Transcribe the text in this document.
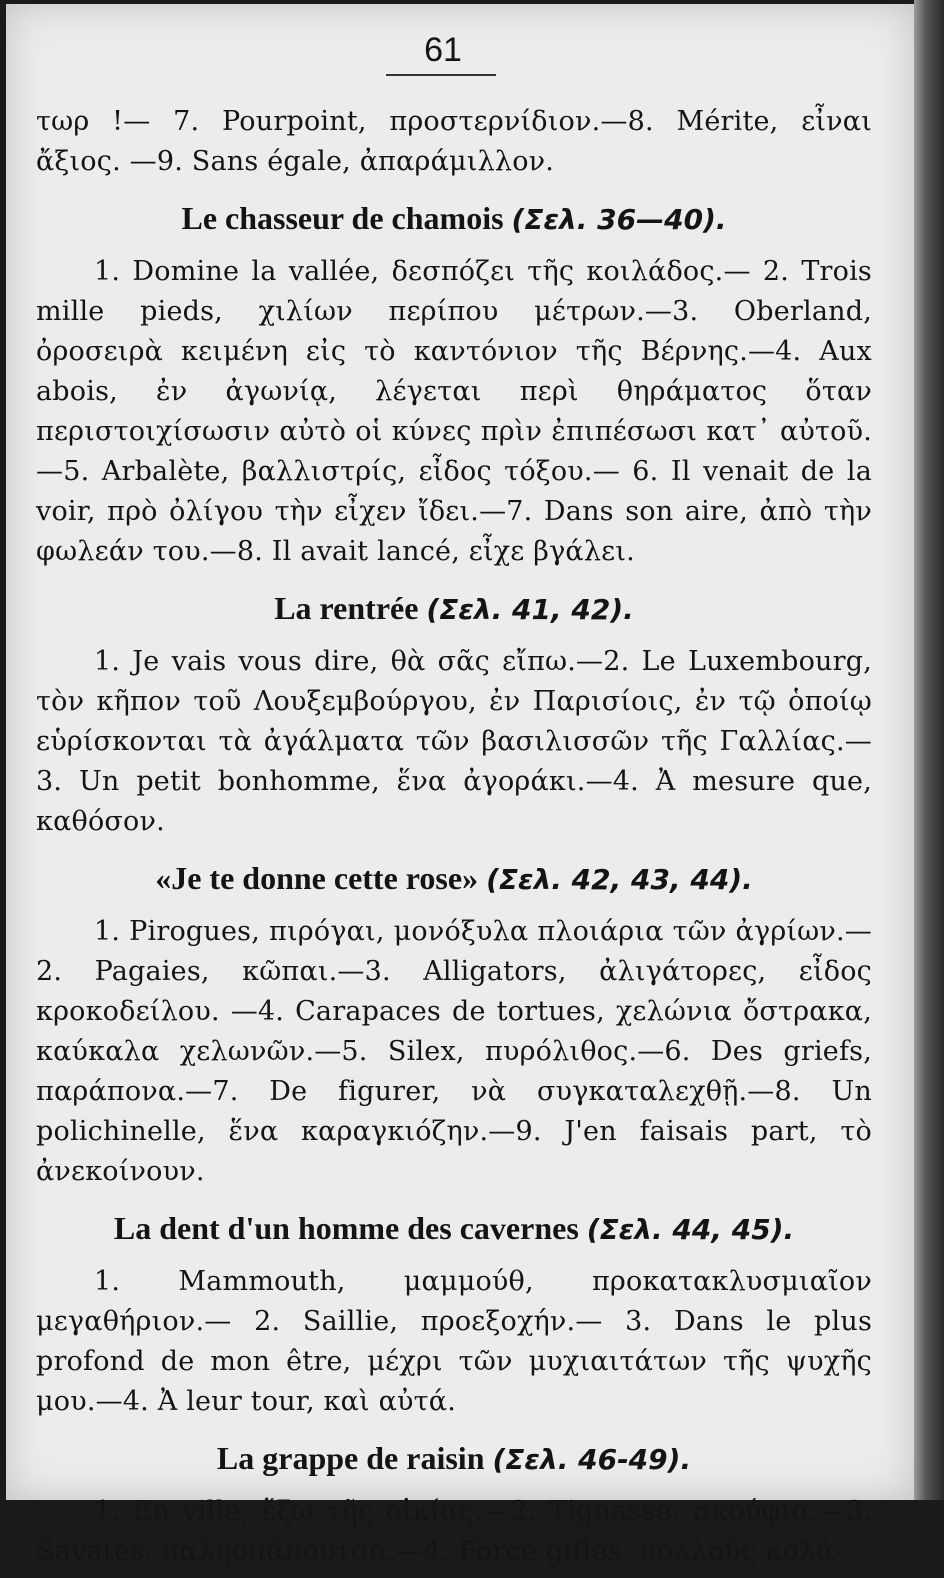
61

τωρ !— 7. Pourpoint, προστερνίδιον.—8. Mérite, εἶναι ἄξιος. —9. Sans égale, ἀπαράμιλλον.

Le chasseur de chamois (Σελ. 36—40).

1. Domine la vallée, δεσπόζει τῆς κοιλάδος.— 2. Trois mille pieds, χιλίων περίπου μέτρων.—3. Oberland, ὀροσειρὰ κειμένη εἰς τὸ καντόνιον τῆς Βέρνης.—4. Aux abois, ἐν ἀγωνίᾳ, λέγεται περὶ θηράματος ὅταν περιστοιχίσωσιν αὐτὸ οἱ κύνες πρὶν ἐπιπέσωσι κατ᾽ αὐτοῦ.—5. Arbalète, βαλλιστρίς, εἶδος τόξου.— 6. Il venait de la voir, πρὸ ὀλίγου τὴν εἶχεν ἴδει.—7. Dans son aire, ἀπὸ τὴν φωλεάν του.—8. Il avait lancé, εἶχε βγάλει.

La rentrée (Σελ. 41, 42).

1. Je vais vous dire, θὰ σᾶς εἴπω.—2. Le Luxembourg, τὸν κῆπον τοῦ Λουξεμβούργου, ἐν Παρισίοις, ἐν τῷ ὁποίῳ εὑρίσκονται τὰ ἀγάλματα τῶν βασιλισσῶν τῆς Γαλλίας.—3. Un petit bonhomme, ἕνα ἀγοράκι.—4. Ἀ mesure que, καθόσον.

«Je te donne cette rose» (Σελ. 42, 43, 44).

1. Pirogues, πιρόγαι, μονόξυλα πλοιάρια τῶν ἀγρίων.—2. Pagaies, κῶπαι.—3. Alligators, ἀλιγάτορες, εἶδος κροκοδείλου. —4. Carapaces de tortues, χελώνια ὄστρακα, καύκαλα χελωνῶν.—5. Silex, πυρόλιθος.—6. Des griefs, παράπονα.—7. De figurer, νὰ συγκαταλεχθῇ.—8. Un polichinelle, ἕνα καραγκιόζην.—9. J'en faisais part, τὸ ἀνεκοίνουν.

La dent d'un homme des cavernes (Σελ. 44, 45).

1. Mammouth, μαμμούθ, προκατακλυσμιαῖον μεγαθήριον.— 2. Saillie, προεξοχήν.— 3. Dans le plus profond de mon être, μέχρι τῶν μυχιαιτάτων τῆς ψυχῆς μου.—4. Ἀ leur tour, καὶ αὐτά.

La grappe de raisin (Σελ. 46-49).

1. En ville, ἔξω τῆς οἰκίας.—2. Tignasse, σκούφια.—3. Savates, παληοπάπουτσα.—4. Force gifles, πολλοὺς κολά-
